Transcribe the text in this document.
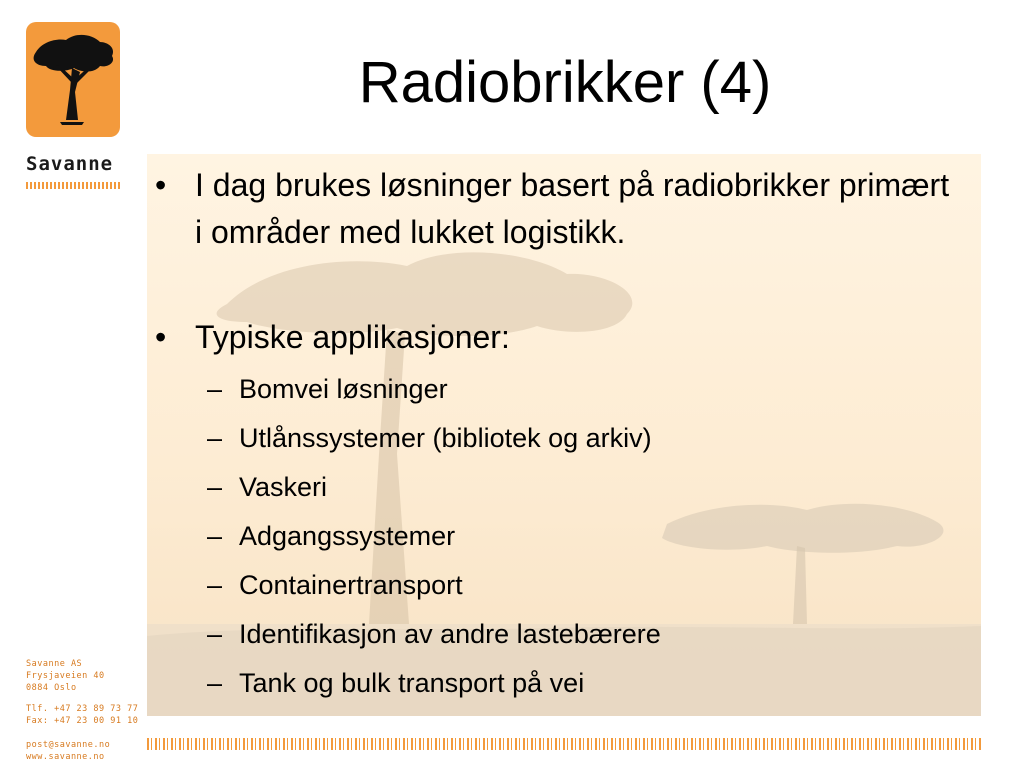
Savanne
Radiobrikker (4)
• I dag brukes løsninger basert på radiobrikker primært i områder med lukket logistikk.
• Typiske applikasjoner:
– Bomvei løsninger
– Utlånssystemer (bibliotek og arkiv)
– Vaskeri
– Adgangssystemer
– Containertransport
– Identifikasjon av andre lastebærere
– Tank og bulk transport på vei
Savanne AS
Frysjaveien 40
0884 Oslo
Tlf. +47 23 89 73 77
Fax: +47 23 00 91 10
post@savanne.no
www.savanne.no
